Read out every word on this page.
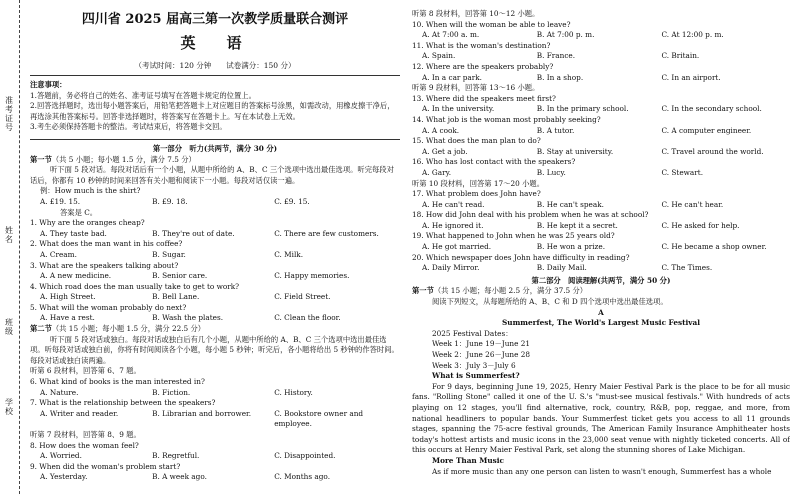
准考证号
姓名
班级
学校
四川省 2025 届高三第一次教学质量联合测评
英　语
（考试时间：120 分钟　　试卷满分：150 分）
注意事项：
1.答题前，务必将自己的姓名、准考证号填写在答题卡规定的位置上。
2.回答选择题时，选出每小题答案后，用铅笔把答题卡上对应题目的答案标号涂黑，如需改动，用橡皮擦干净后，再选涂其他答案标号。回答非选择题时，将答案写在答题卡上。写在本试卷上无效。
3.考生必须保持答题卡的整洁。考试结束后，将答题卡交回。
第一部分　听力(共两节，满分 30 分)
第一节（共 5 小题；每小题 1.5 分，满分 7.5 分）
听下面 5 段对话。每段对话后有一个小题，从题中所给的 A、B、C 三个选项中选出最佳选项。听完每段对话后，你都有 10 秒钟的时间来回答有关小题和阅读下一小题。每段对话仅读一遍。
例：How much is the shirt?
A. £19. 15.	B. £9. 18.	C. £9. 15.
答案是 C。
1. Why are the oranges cheap?
A. They taste bad.	B. They're out of date.	C. There are few customers.
2. What does the man want in his coffee?
A. Cream.	B. Sugar.	C. Milk.
3. What are the speakers talking about?
A. A new medicine.	B. Senior care.	C. Happy memories.
4. Which road does the man usually take to get to work?
A. High Street.	B. Bell Lane.	C. Field Street.
5. What will the woman probably do next?
A. Have a rest.	B. Wash the plates.	C. Clean the floor.
第二节（共 15 小题；每小题 1.5 分，满分 22.5 分）
听下面 5 段对话或独白。每段对话或独白后有几个小题，从题中所给的 A、B、C 三个选项中选出最佳选项。听每段对话或独白前，你将有时间阅读各个小题，每小题 5 秒钟；听完后，各小题将给出 5 秒钟的作答时间。每段对话或独白读两遍。
听第 6 段材料，回答第 6、7 题。
6. What kind of books is the man interested in?
A. Nature.	B. Fiction.	C. History.
7. What is the relationship between the speakers?
A. Writer and reader.	B. Librarian and borrower.	C. Bookstore owner and employee.
听第 7 段材料，回答第 8、9 题。
8. How does the woman feel?
A. Worried.	B. Regretful.	C. Disappointed.
9. When did the woman's problem start?
A. Yesterday.	B. A week ago.	C. Months ago.
听第 8 段材料，回答第 10～12 小题。
10. When will the woman be able to leave?
A. At 7:00 a. m.	B. At 7:00 p. m.	C. At 12:00 p. m.
11. What is the woman's destination?
A. Spain.	B. France.	C. Britain.
12. Where are the speakers probably?
A. In a car park.	B. In a shop.	C. In an airport.
听第 9 段材料，回答第 13～16 小题。
13. Where did the speakers meet first?
A. In the university.	B. In the primary school.	C. In the secondary school.
14. What job is the woman most probably seeking?
A. A cook.	B. A tutor.	C. A computer engineer.
15. What does the man plan to do?
A. Get a job.	B. Stay at university.	C. Travel around the world.
16. Who has lost contact with the speakers?
A. Gary.	B. Lucy.	C. Stewart.
听第 10 段材料，回答第 17～20 小题。
17. What problem does John have?
A. He can't read.	B. He can't speak.	C. He can't hear.
18. How did John deal with his problem when he was at school?
A. He ignored it.	B. He kept it a secret.	C. He asked for help.
19. What happened to John when he was 25 years old?
A. He got married.	B. He won a prize.	C. He became a shop owner.
20. Which newspaper does John have difficulty in reading?
A. Daily Mirror.	B. Daily Mail.	C. The Times.
第二部分　阅读理解(共两节，满分 50 分)
第一节（共 15 小题；每小题 2.5 分，满分 37.5 分）
阅读下列短文，从每题所给的 A、B、C 和 D 四个选项中选出最佳选项。
A
Summerfest, The World's Largest Music Festival
2025 Festival Dates：
Week 1：June 19－June 21
Week 2：June 26－June 28
Week 3：July 3－July 6
What is Summerfest?
For 9 days, beginning June 19, 2025, Henry Maier Festival Park is the place to be for all music fans. "Rolling Stone" called it one of the U. S.'s "must-see musical festivals." With hundreds of acts playing on 12 stages, you'll find alternative, rock, country, R&B, pop, reggae, and more, from national headliners to popular bands. Your Summerfest ticket gets you access to all 11 grounds stages, spanning the 75-acre festival grounds, The American Family Insurance Amphitheater hosts today's hottest artists and music icons in the 23,000 seat venue with nightly ticketed concerts. All of this occurs at Henry Maier Festival Park, set along the stunning shores of Lake Michigan.
More Than Music
As if more music than any one person can listen to wasn't enough, Summerfest has a whole
